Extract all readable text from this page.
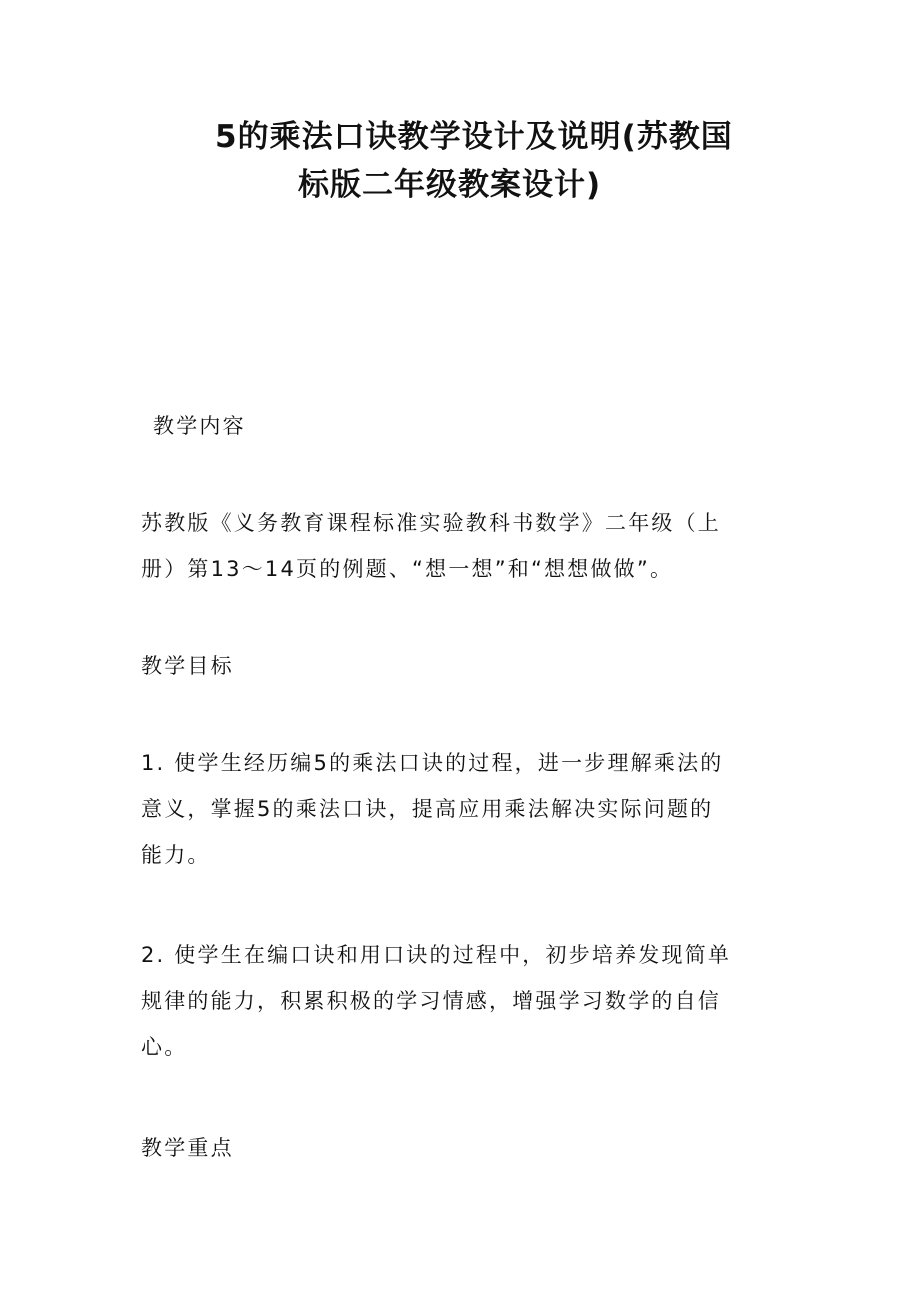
5的乘法口诀教学设计及说明(苏教国
标版二年级教案设计)
教学内容
苏教版《义务教育课程标准实验教科书数学》二年级（上
册）第13～14页的例题、“想一想”和“想想做做”。
教学目标
1. 使学生经历编5的乘法口诀的过程，进一步理解乘法的
意义，掌握5的乘法口诀，提高应用乘法解决实际问题的
能力。
2. 使学生在编口诀和用口诀的过程中，初步培养发现简单
规律的能力，积累积极的学习情感，增强学习数学的自信
心。
教学重点
